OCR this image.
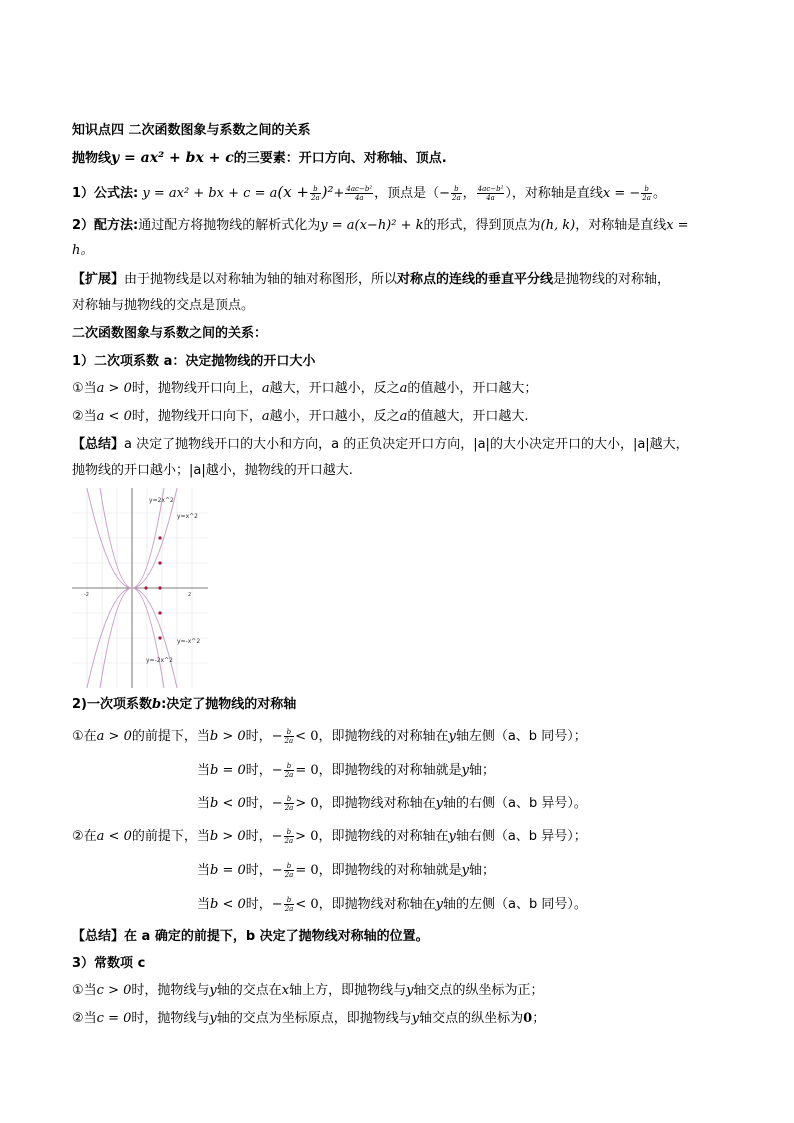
知识点四 二次函数图象与系数之间的关系
抛物线y = ax² + bx + c的三要素：开口方向、对称轴、顶点.
1）公式法: y = ax² + bx + $c = a(x + \frac{b}{2a} )^2+ \frac{\text{4ac−b²}}{4a}$ ，顶点是（− $\frac{b}{2a}$ ， $\frac{\text{4ac−b²}}{4a}$ ），对称轴是直线x = − $\frac{b}{2a}$ 。
2）配方法:通过配方将抛物线的解析式化为y = a(x−h)² + k的形式，得到顶点为(h, k)，对称轴是直线x =
h。
【扩展】由于抛物线是以对称轴为轴的轴对称图形，所以对称点的连线的垂直平分线是抛物线的对称轴，
对称轴与抛物线的交点是顶点。
二次函数图象与系数之间的关系：
1）二次项系数 a：决定抛物线的开口大小
①当a > 0时，抛物线开口向上，a越大，开口越小，反之a的值越小，开口越大；
②当a < 0时，抛物线开口向下，a越小，开口越小，反之a的值越大，开口越大.
【总结】a 决定了抛物线开口的大小和方向，a 的正负决定开口方向，|a|的大小决定开口的大小，|a|越大，
抛物线的开口越小；|a|越小，抛物线的开口越大.
-2	2
y=2x^2
y=x^2
y=-x^2
y=-2x^2
2)一次项系数b:决定了抛物线的对称轴
①在a > 0的前提下，当b > 0时，− $\frac{b}{2a} < 0$，即抛物线的对称轴在y轴左侧（a、b 同号）；
当b = 0时，− $\frac{b}{2a} = 0$，即抛物线的对称轴就是y轴；
当b < 0时，− $\frac{b}{2a} > 0$，即抛物线对称轴在y轴的右侧（a、b 异号）。
②在a < 0的前提下，当b > 0时，− $\frac{b}{2a} > 0$，即抛物线的对称轴在y轴右侧（a、b 异号）；
当b = 0时，− $\frac{b}{2a} = 0$，即抛物线的对称轴就是y轴；
当b < 0时，− $\frac{b}{2a} < 0$，即抛物线对称轴在y轴的左侧（a、b 同号）。
【总结】在 a 确定的前提下，b 决定了抛物线对称轴的位置。
3）常数项 c
①当c > 0时，抛物线与y轴的交点在x轴上方，即抛物线与y轴交点的纵坐标为正；
②当c = 0时，抛物线与y轴的交点为坐标原点，即抛物线与y轴交点的纵坐标为0；
